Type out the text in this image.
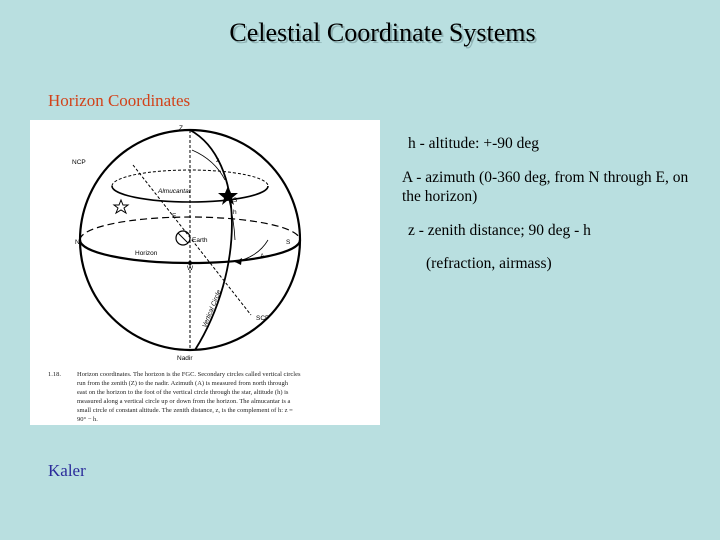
Celestial Coordinate Systems
Horizon Coordinates
Z
NCP	z
Almucantar
S
h
E
Earth
N	S
Horizon
W
A
Vertical Circle	SCP
Nadir
1.18. Horizon coordinates. The horizon is the FGC. Secondary circles called vertical circles
run from the zenith (Z) to the nadir. Azimuth (A) is measured from north through
east on the horizon to the foot of the vertical circle through the star, altitude (h) is
measured along a vertical circle up or down from the horizon. The almucantar is a
small circle of constant altitude. The zenith distance, z, is the complement of h: z =
90° − h.
h - altitude: +-90 deg
A - azimuth (0-360 deg, from N through E, on the horizon)
z - zenith distance; 90 deg - h
(refraction, airmass)
Kaler
